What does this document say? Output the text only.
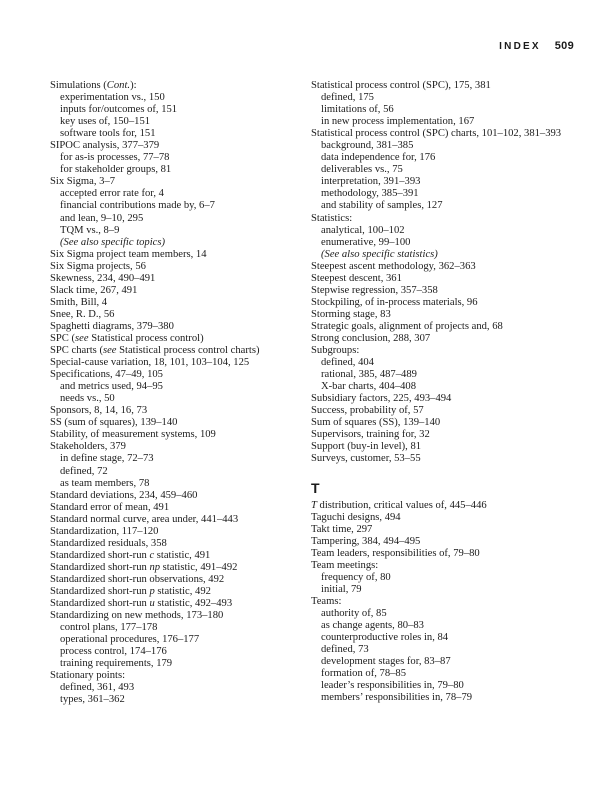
INDEX 509
Simulations (Cont.):
experimentation vs., 150
inputs for/outcomes of, 151
key uses of, 150–151
software tools for, 151
SIPOC analysis, 377–379
for as-is processes, 77–78
for stakeholder groups, 81
Six Sigma, 3–7
accepted error rate for, 4
financial contributions made by, 6–7
and lean, 9–10, 295
TQM vs., 8–9
(See also specific topics)
Six Sigma project team members, 14
Six Sigma projects, 56
Skewness, 234, 490–491
Slack time, 267, 491
Smith, Bill, 4
Snee, R. D., 56
Spaghetti diagrams, 379–380
SPC (see Statistical process control)
SPC charts (see Statistical process control charts)
Special-cause variation, 18, 101, 103–104, 125
Specifications, 47–49, 105
and metrics used, 94–95
needs vs., 50
Sponsors, 8, 14, 16, 73
SS (sum of squares), 139–140
Stability, of measurement systems, 109
Stakeholders, 379
in define stage, 72–73
defined, 72
as team members, 78
Standard deviations, 234, 459–460
Standard error of mean, 491
Standard normal curve, area under, 441–443
Standardization, 117–120
Standardized residuals, 358
Standardized short-run c statistic, 491
Standardized short-run np statistic, 491–492
Standardized short-run observations, 492
Standardized short-run p statistic, 492
Standardized short-run u statistic, 492–493
Standardizing on new methods, 173–180
control plans, 177–178
operational procedures, 176–177
process control, 174–176
training requirements, 179
Stationary points:
defined, 361, 493
types, 361–362
Statistical process control (SPC), 175, 381
defined, 175
limitations of, 56
in new process implementation, 167
Statistical process control (SPC) charts, 101–102, 381–393
background, 381–385
data independence for, 176
deliverables vs., 75
interpretation, 391–393
methodology, 385–391
and stability of samples, 127
Statistics:
analytical, 100–102
enumerative, 99–100
(See also specific statistics)
Steepest ascent methodology, 362–363
Steepest descent, 361
Stepwise regression, 357–358
Stockpiling, of in-process materials, 96
Storming stage, 83
Strategic goals, alignment of projects and, 68
Strong conclusion, 288, 307
Subgroups:
defined, 404
rational, 385, 487–489
X-bar charts, 404–408
Subsidiary factors, 225, 493–494
Success, probability of, 57
Sum of squares (SS), 139–140
Supervisors, training for, 32
Support (buy-in level), 81
Surveys, customer, 53–55
T
T distribution, critical values of, 445–446
Taguchi designs, 494
Takt time, 297
Tampering, 384, 494–495
Team leaders, responsibilities of, 79–80
Team meetings:
frequency of, 80
initial, 79
Teams:
authority of, 85
as change agents, 80–83
counterproductive roles in, 84
defined, 73
development stages for, 83–87
formation of, 78–85
leader’s responsibilities in, 79–80
members’ responsibilities in, 78–79
